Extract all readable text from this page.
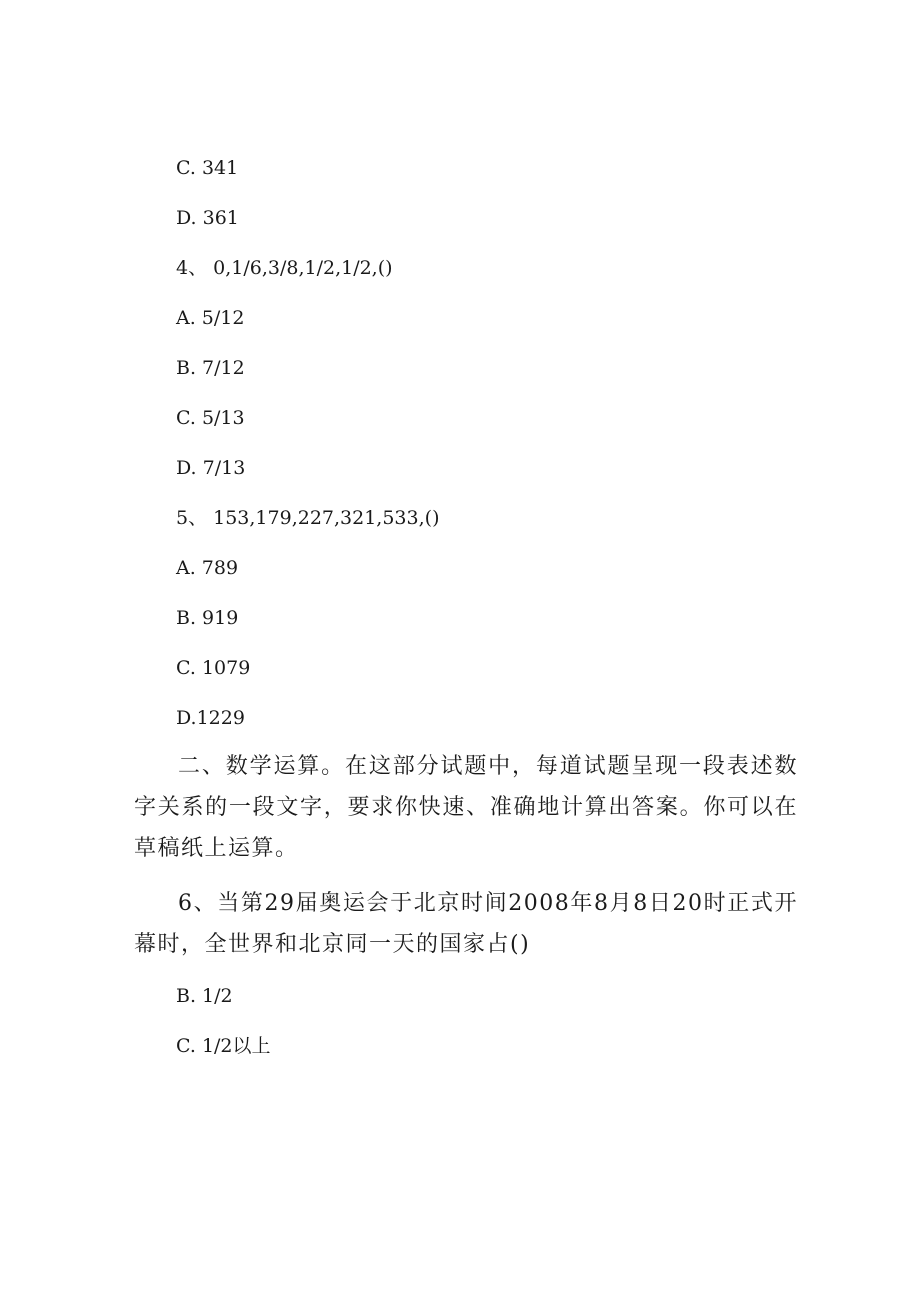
C. 341
D. 361
4、 0,1/6,3/8,1/2,1/2,()
A. 5/12
B. 7/12
C. 5/13
D. 7/13
5、 153,179,227,321,533,()
A. 789
B. 919
C. 1079
D.1229
二、数学运算。在这部分试题中，每道试题呈现一段表述数字关系的一段文字，要求你快速、准确地计算出答案。你可以在草稿纸上运算。
6、当第29届奥运会于北京时间2008年8月8日20时正式开幕时，全世界和北京同一天的国家占()
B. 1/2
C. 1/2以上
